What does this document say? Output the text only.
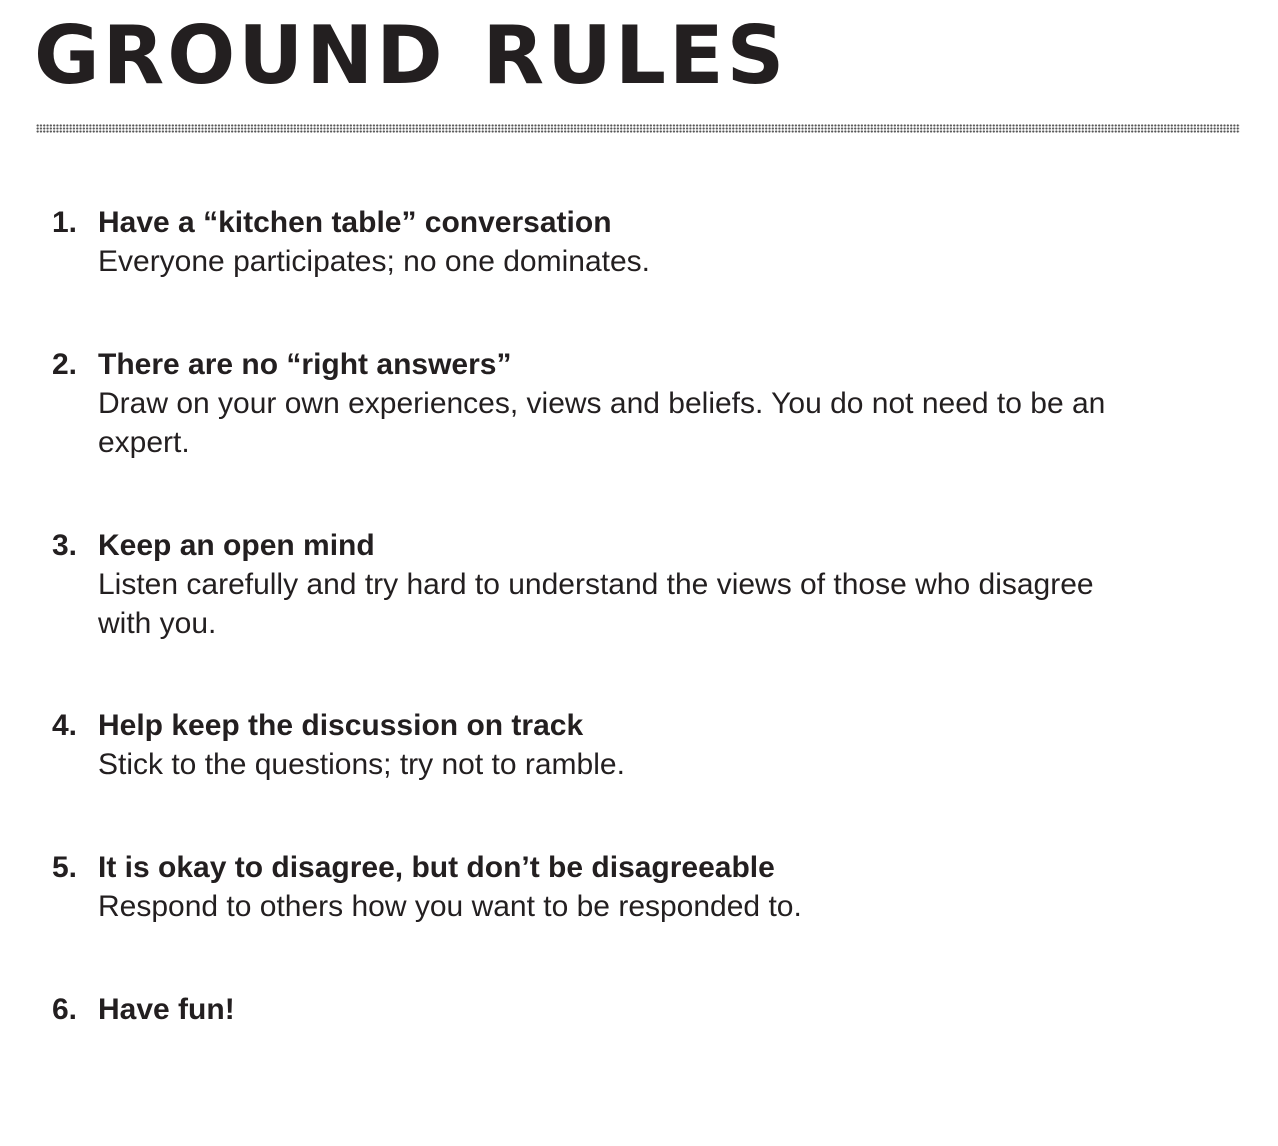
GROUND RULES
1. Have a “kitchen table” conversation

Everyone participates; no one dominates.

2. There are no “right answers”

Draw on your own experiences, views and beliefs. You do not need to be an expert.

3. Keep an open mind

Listen carefully and try hard to understand the views of those who disagree with you.

4. Help keep the discussion on track

Stick to the questions; try not to ramble.

5. It is okay to disagree, but don’t be disagreeable

Respond to others how you want to be responded to.

6. Have fun!
